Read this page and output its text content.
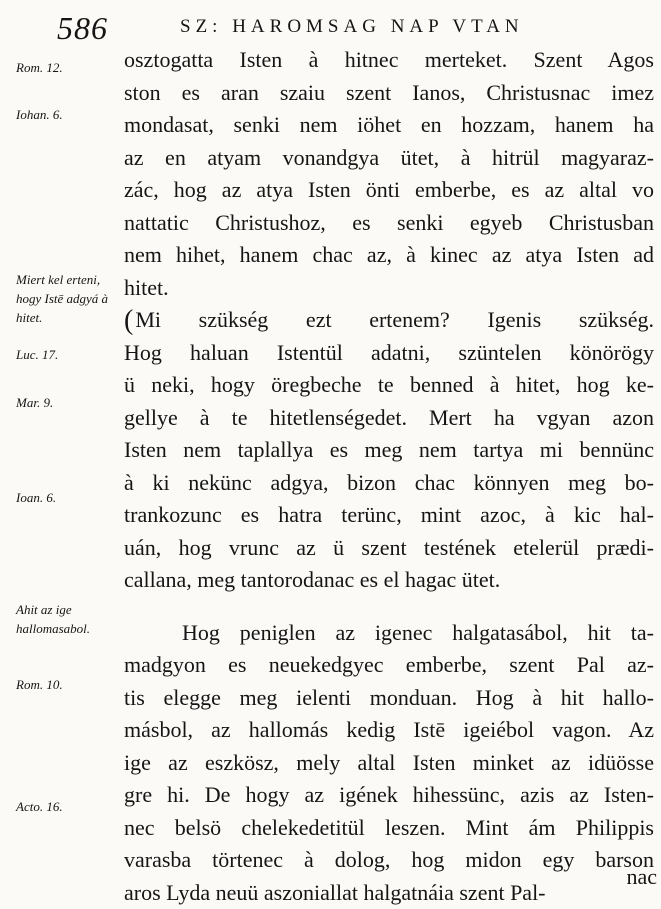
586	SZ: HAROMSAG NAP VTAN
Rom. 12.
Iohan. 6.
Miert kel erteni, hogy Istē adgyá à hitet.
Luc. 17.
Mar. 9.
Ioan. 6.
Ahit az ige hallomasabol.
Rom. 10.
Acto. 16.
osztogatta Isten à hitnec merteket. Szent Agos
ston es aran szaiu szent Ianos, Christusnac imez
mondasat, senki nem iöhet en hozzam, hanem ha
az en atyam vonandgya ütet, à hitrül magyaraz-
zác, hog az atya Isten önti emberbe, es az altal vo
nattatic Christushoz, es senki egyeb Christusban
nem hihet, hanem chac az, à kinec az atya Isten ad
hitet.
(Mi szükség ezt ertenem? Igenis szükség.
Hog haluan Istentül adatni, szüntelen könörögy
ü neki, hogy öregbeche te benned à hitet, hog ke-
gellye à te hitetlenségedet. Mert ha vgyan azon
Isten nem taplallya es meg nem tartya mi bennünc
à ki nekünc adgya, bizon chac könnyen meg bo-
trankozunc es hatra terünc, mint azoc, à kic hal-
uán, hog vrunc az ü szent testének etelerül prædi-
callana, meg tantorodanac es el hagac ütet.
Hog peniglen az igenec halgatasábol, hit ta-
madgyon es neuekedgyec emberbe, szent Pal az-
tis elegge meg ielenti monduan. Hog à hit hallo-
másbol, az hallomás kedig Istē igeiébol vagon. Az
ige az eszkösz, mely altal Isten minket az idüösse
gre hi. De hogy az igének hihessünc, azis az Isten-
nec belsö chelekedetitül leszen. Mint ám Philippis
varasba törtenec à dolog, hog midon egy barson
aros Lyda neuü aszoniallat halgatnáia szent Pal-
nac
